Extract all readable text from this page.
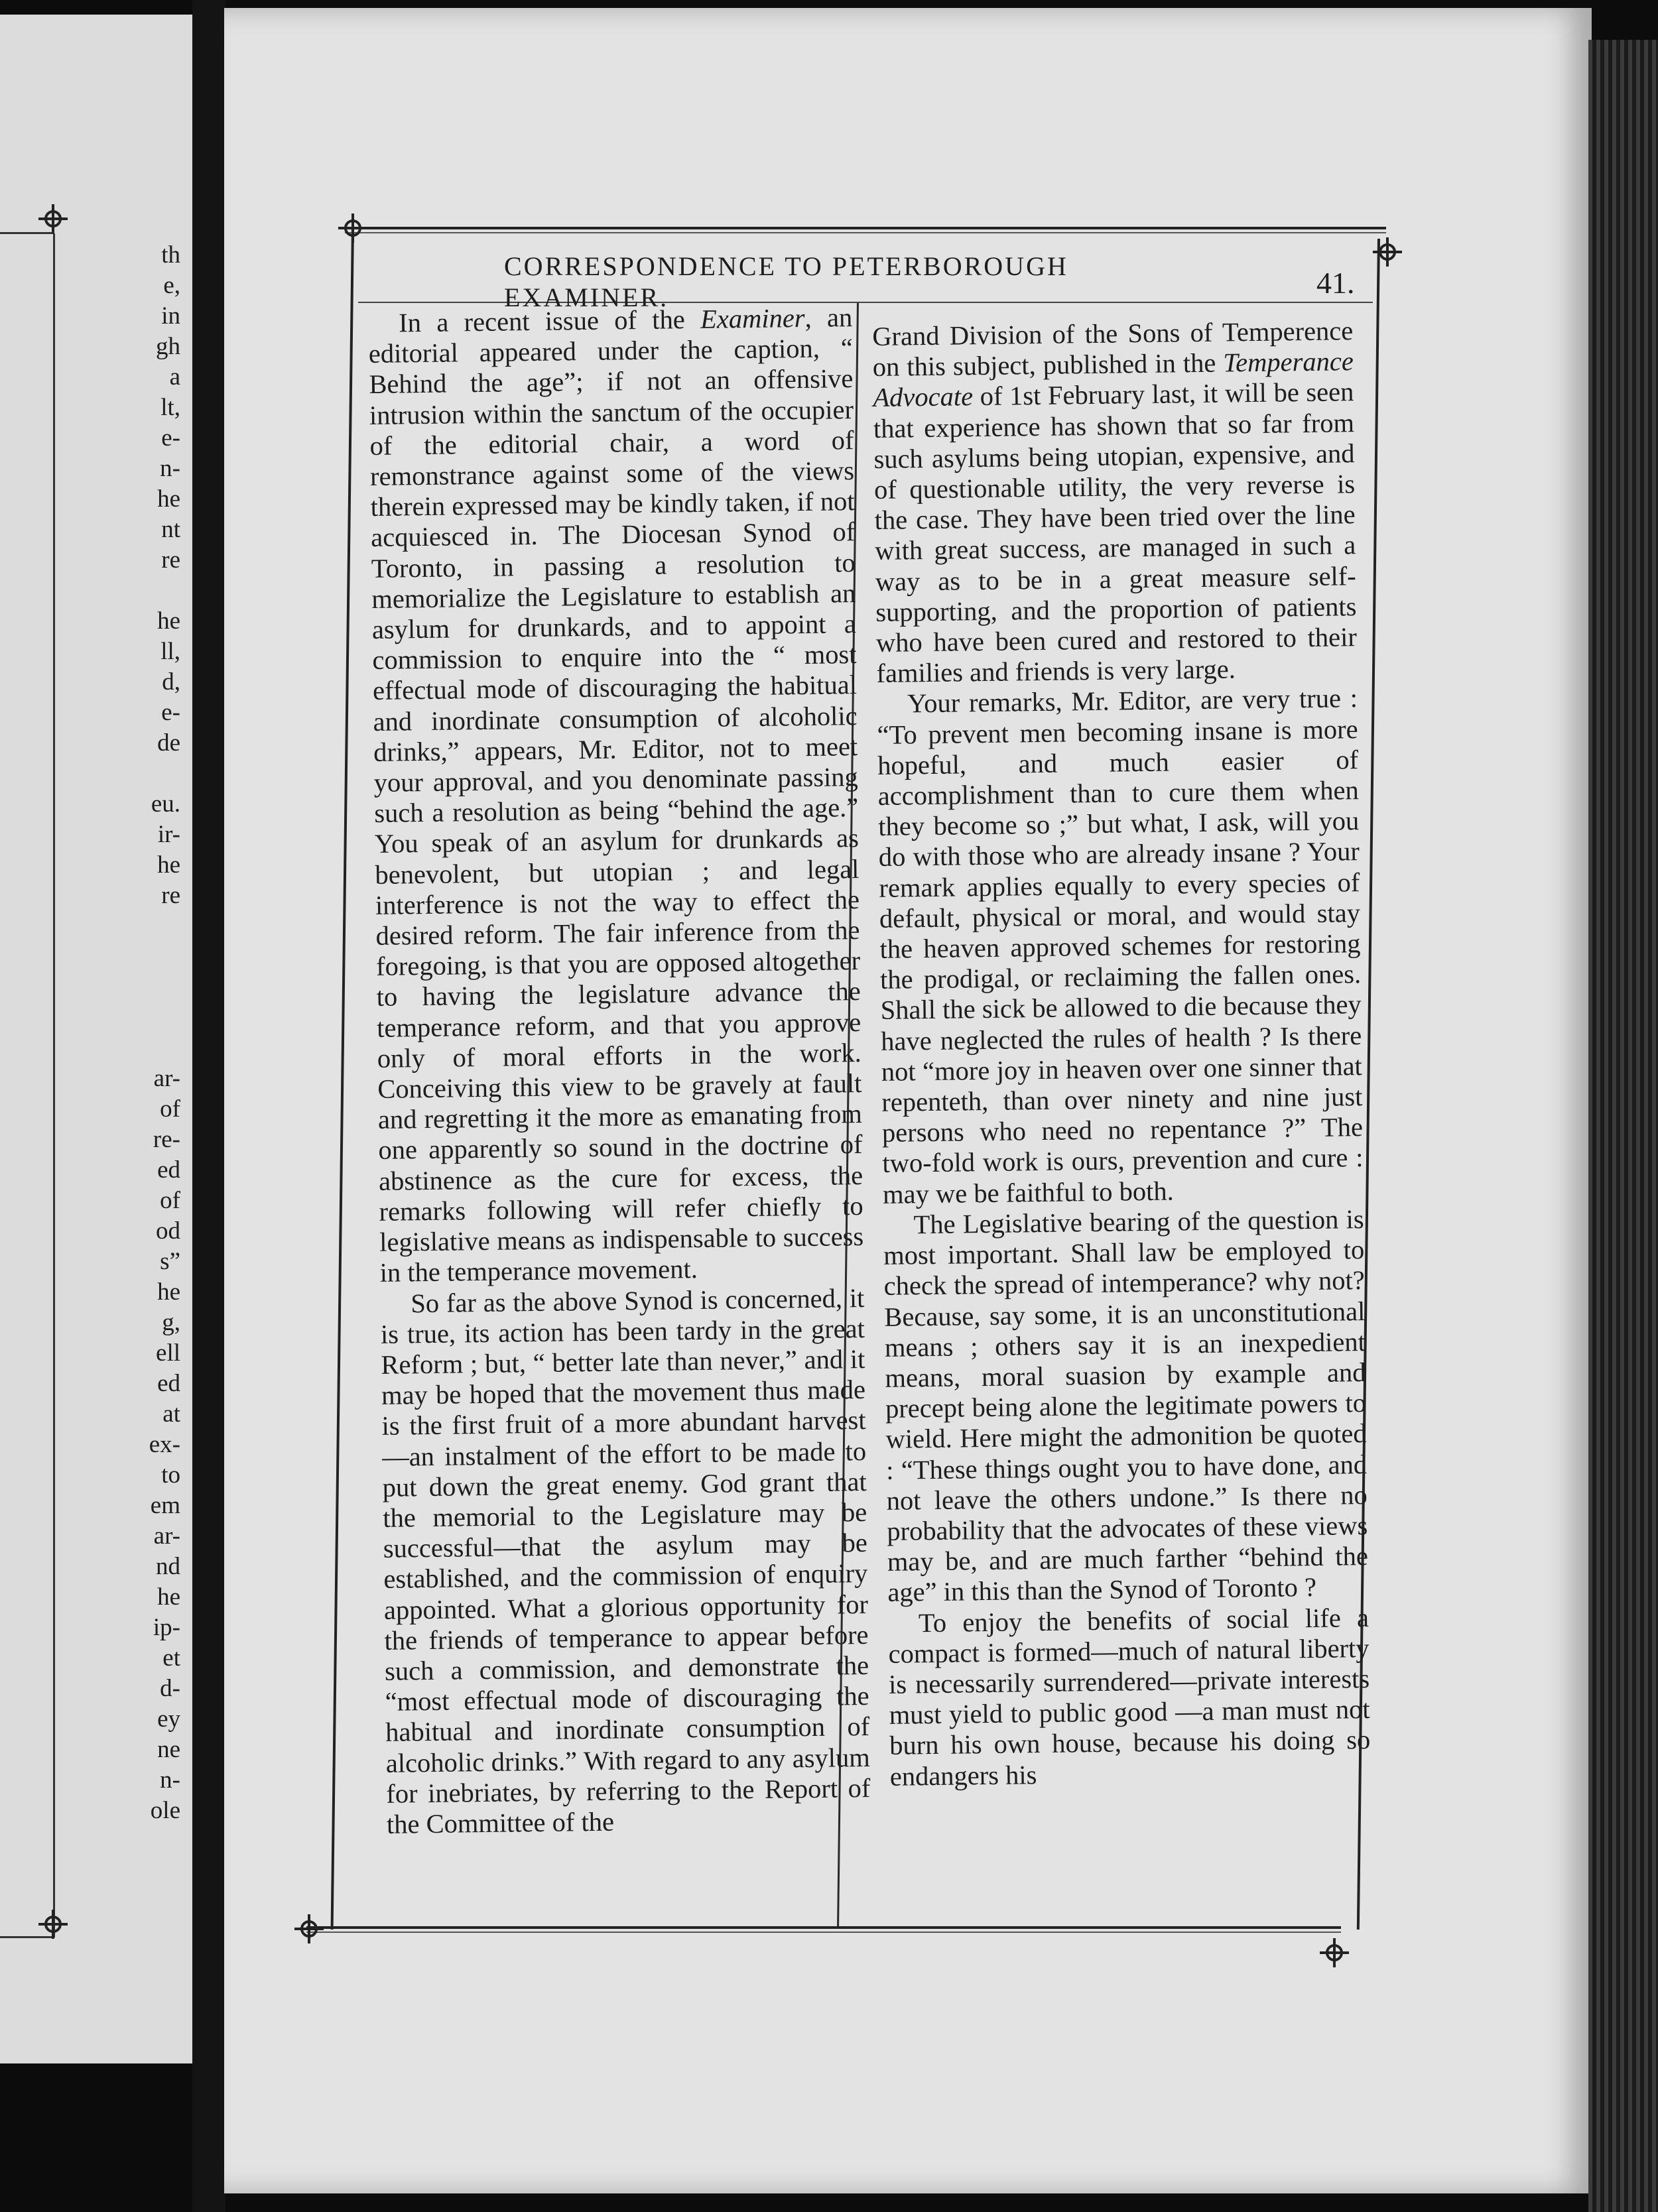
th
e,
in
gh
a
lt,
e-
n-
he
nt
re
he
ll,
d,
e-
de
eu.
ir-
he
re
ar-
of
re-
ed
of
od
s”
he
g,
ell
ed
at
ex-
to
em
ar-
nd
he
ip-
et
d-
ey
ne
n-
ole
CORRESPONDENCE TO PETERBOROUGH EXAMINER.	41.

In a recent issue of the Examiner, an editorial appeared under the caption, “ Behind the age”; if not an offensive intrusion within the sanctum of the occupier of the editorial chair, a word of remonstrance against some of the views therein expressed may be kindly taken, if not acquiesced in. The Diocesan Synod of Toronto, in passing a resolution to memorialize the Legislature to establish an asylum for drunkards, and to appoint a commission to enquire into the “ most effectual mode of discouraging the habitual and inordinate consumption of alcoholic drinks,” appears, Mr. Editor, not to meet your approval, and you denominate passing such a resolution as being “behind the age.” You speak of an asylum for drunkards as benevolent, but utopian ; and legal interference is not the way to effect the desired reform. The fair inference from the foregoing, is that you are opposed altogether to having the legislature advance the temperance reform, and that you approve only of moral efforts in the work. Conceiving this view to be gravely at fault and regretting it the more as emanating from one apparently so sound in the doctrine of abstinence as the cure for excess, the remarks following will refer chiefly to legislative means as indispensable to success in the temperance movement.

So far as the above Synod is concerned, it is true, its action has been tardy in the great Reform ; but, “ better late than never,” and it may be hoped that the movement thus made is the first fruit of a more abundant harvest—an instalment of the effort to be made to put down the great enemy. God grant that the memorial to the Legislature may be successful—that the asylum may be established, and the commission of enquiry appointed. What a glorious opportunity for the friends of temperance to appear before such a commission, and demonstrate the “most effectual mode of discouraging the habitual and inordinate consumption of alcoholic drinks.” With regard to any asylum for inebriates, by referring to the Report of the Committee of the

Grand Division of the Sons of Temperence on this subject, published in the Temperance Advocate of 1st February last, it will be seen that experience has shown that so far from such asylums being utopian, expensive, and of questionable utility, the very reverse is the case. They have been tried over the line with great success, are managed in such a way as to be in a great measure self-supporting, and the proportion of patients who have been cured and restored to their families and friends is very large.

Your remarks, Mr. Editor, are very true : “To prevent men becoming insane is more hopeful, and much easier of accomplishment than to cure them when they become so ;” but what, I ask, will you do with those who are already insane ? Your remark applies equally to every species of default, physical or moral, and would stay the heaven approved schemes for restoring the prodigal, or reclaiming the fallen ones. Shall the sick be allowed to die because they have neglected the rules of health ? Is there not “more joy in heaven over one sinner that repenteth, than over ninety and nine just persons who need no repentance ?” The two-fold work is ours, prevention and cure : may we be faithful to both.

The Legislative bearing of the question is most important. Shall law be employed to check the spread of intemperance? why not? Because, say some, it is an unconstitutional means ; others say it is an inexpedient means, moral suasion by example and precept being alone the legitimate powers to wield. Here might the admonition be quoted : “These things ought you to have done, and not leave the others undone.” Is there no probability that the advocates of these views may be, and are much farther “behind the age” in this than the Synod of Toronto ?

To enjoy the benefits of social life a compact is formed—much of natural liberty is necessarily surrendered—private interests must yield to public good —a man must not burn his own house, because his doing so endangers his
